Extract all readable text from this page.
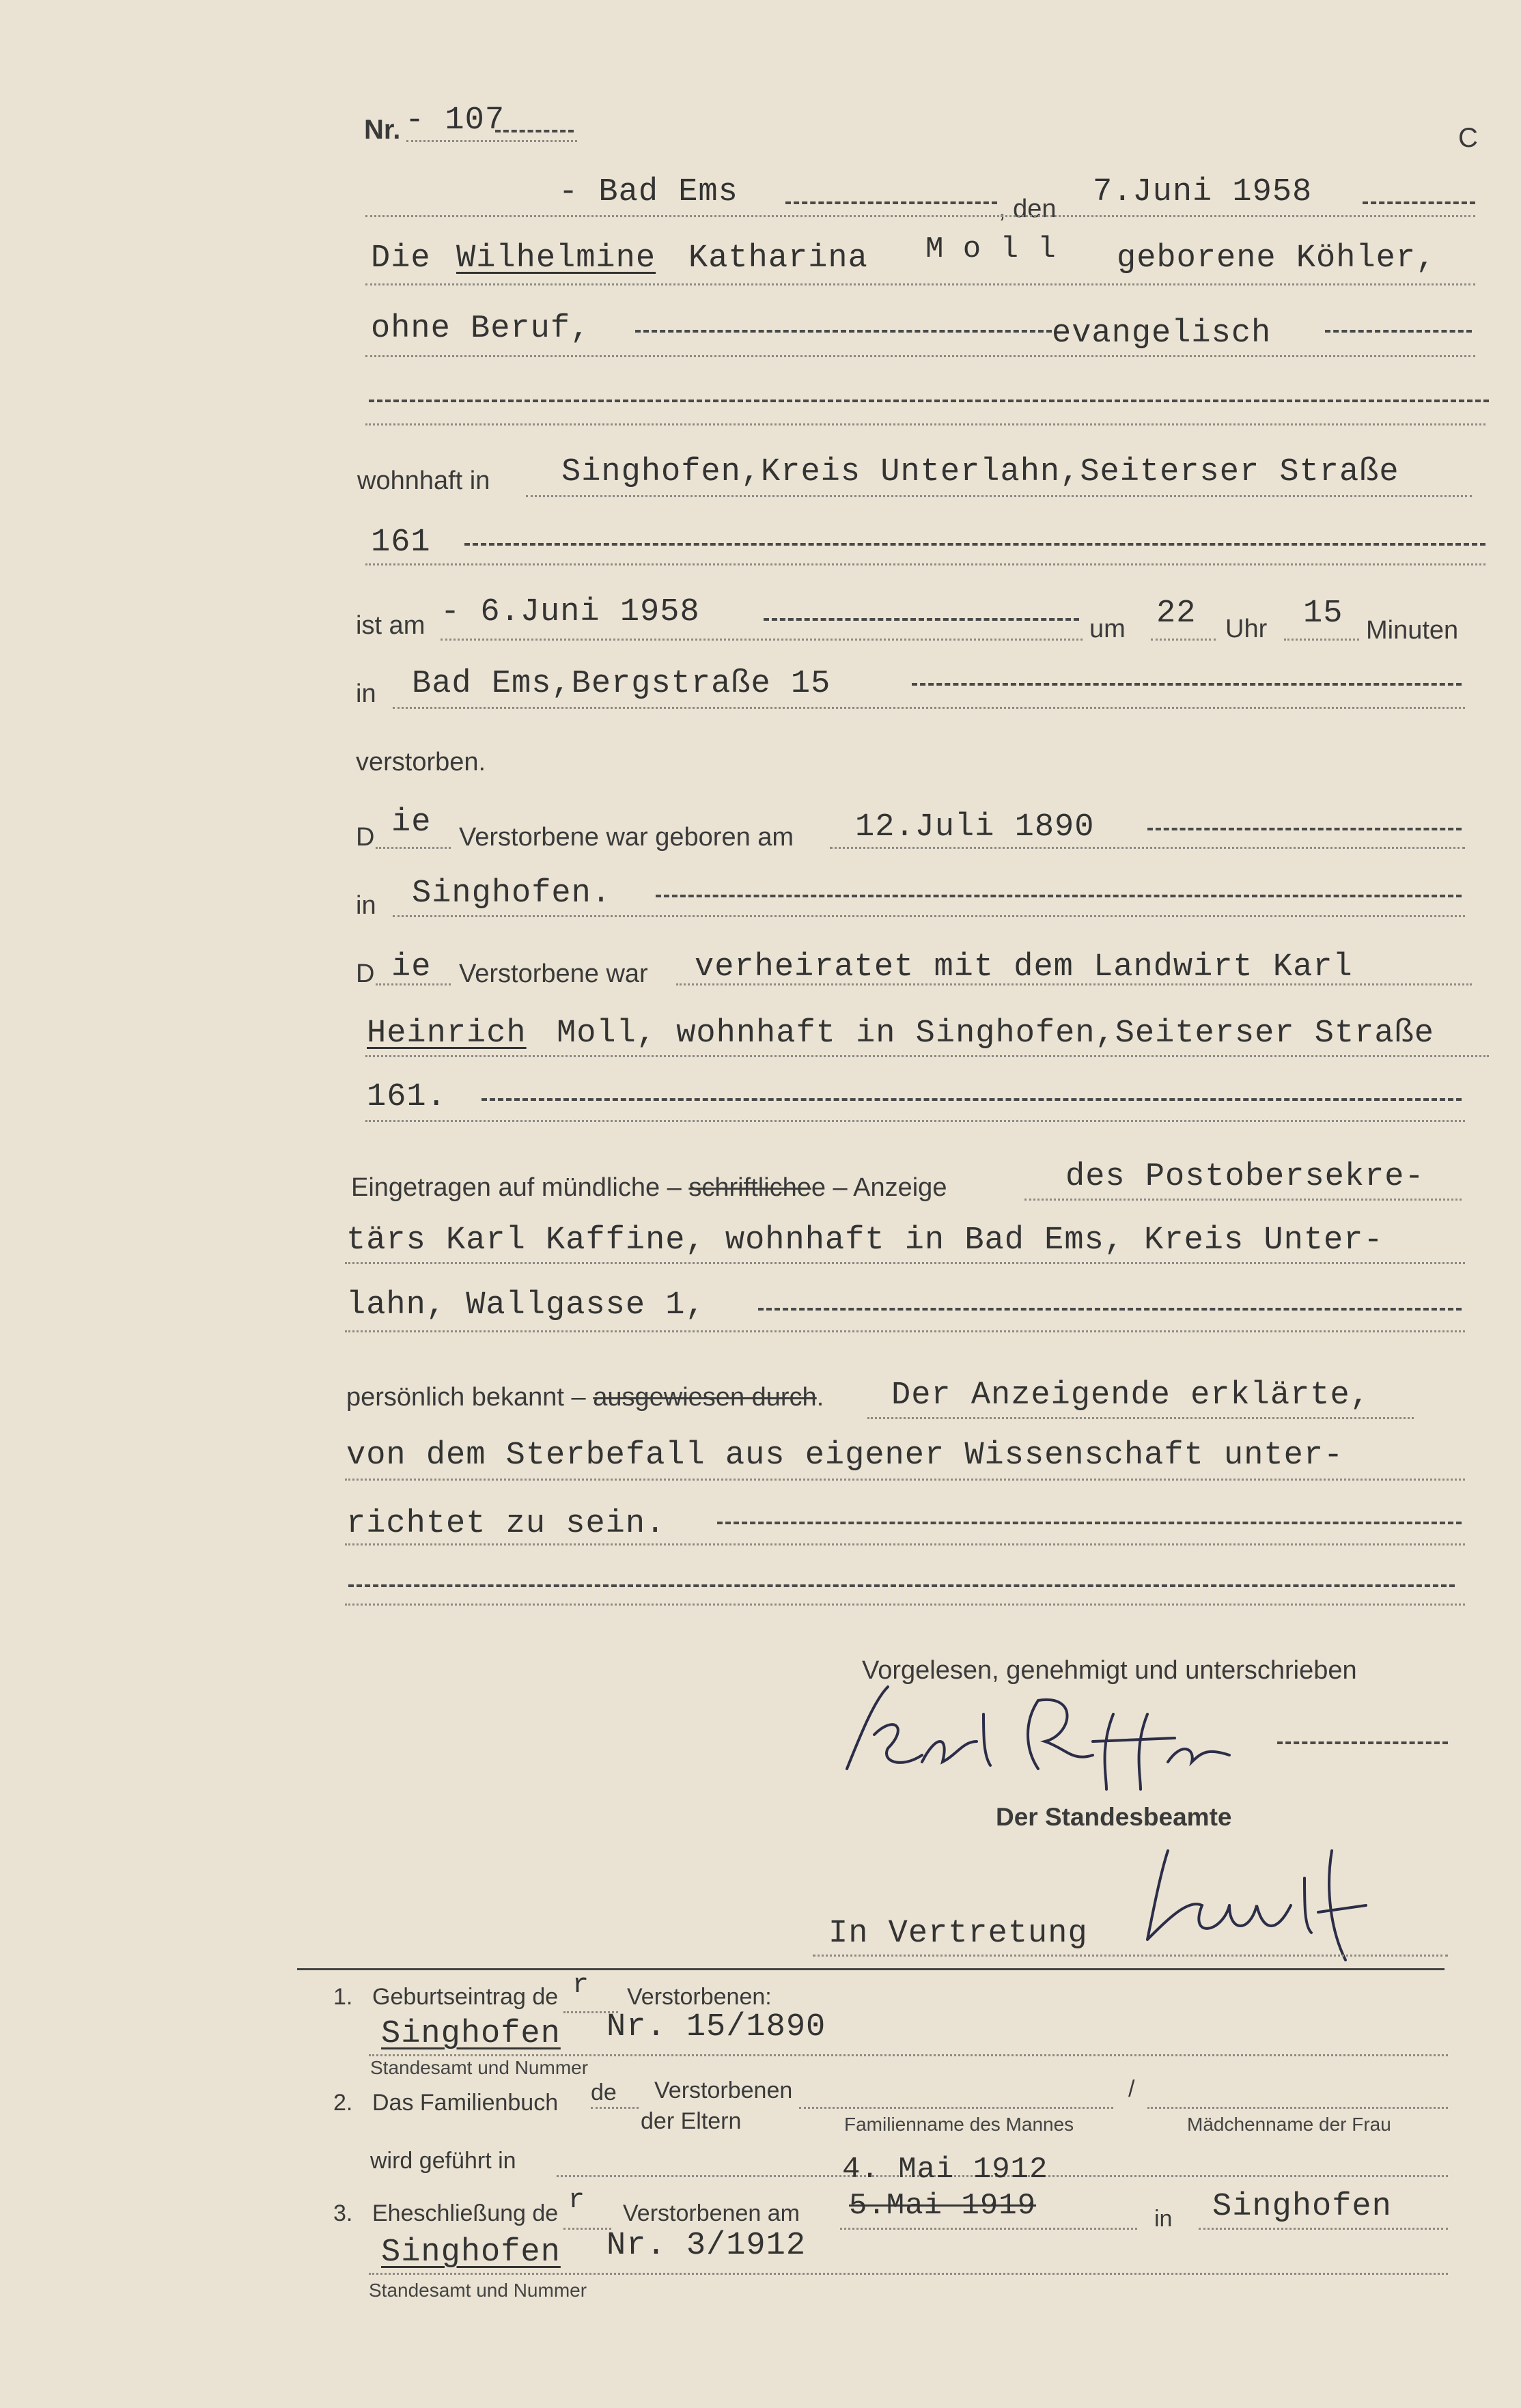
Nr. - 107	C
- Bad Ems	, den 7.Juni 1958
Die Wilhelmine Katharina M o l l geborene Köhler,
ohne Beruf,	evangelisch
wohnhaft in Singhofen,Kreis Unterlahn,Seiterser Straße
161
ist am - 6.Juni 1958	um 22 Uhr 15 Minuten
in Bad Ems,Bergstraße 15
verstorben.
D ie Verstorbene war geboren am 12.Juli 1890
in Singhofen.
D ie Verstorbene war verheiratet mit dem Landwirt Karl
Heinrich Moll, wohnhaft in Singhofen,Seiterser Straße
161.
Eingetragen auf mündliche – schriftlichee – Anzeige	des Postobersekre-
tärs Karl Kaffine, wohnhaft in Bad Ems, Kreis Unter-
lahn, Wallgasse 1,
persönlich bekannt – ausgewiesen durch. Der Anzeigende erklärte,
von dem Sterbefall aus eigener Wissenschaft unter-
richtet zu sein.
Vorgelesen, genehmigt und unterschrieben
Der Standesbeamte
In Vertretung
1. Geburtseintrag de r Verstorbenen:
Singhofen Nr. 15/1890
Standesamt und Nummer
2. Das Familienbuch de Verstorbenen
der Eltern
/
Familienname des Mannes	Mädchenname der Frau
wird geführt in	4. Mai 1912
3. Eheschließung de r Verstorbenen am 5.Mai 1919	in Singhofen
Singhofen Nr. 3/1912
Standesamt und Nummer
